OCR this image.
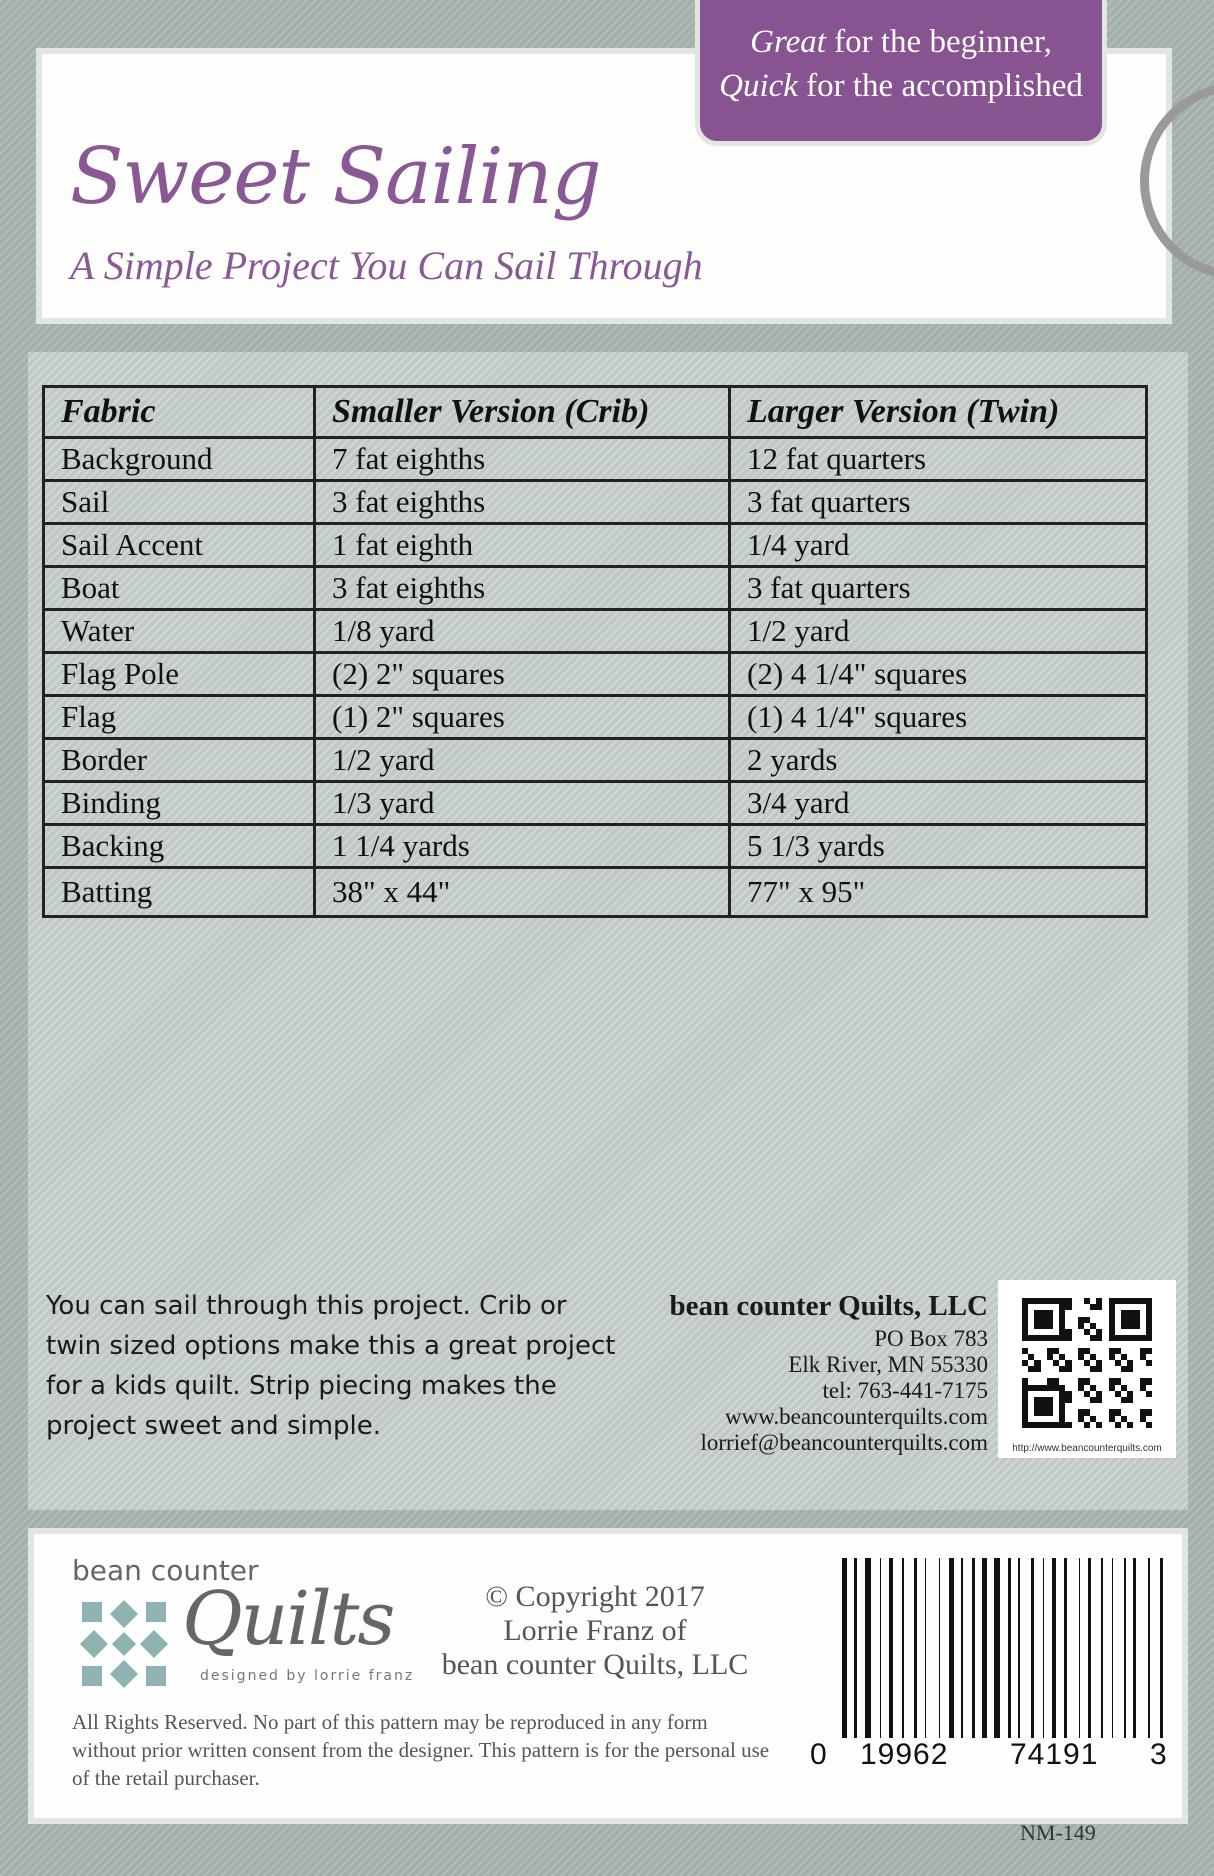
Great for the beginner,
Quick for the accomplished
Sweet Sailing

A Simple Project You Can Sail Through

Fabric	Smaller Version (Crib)	Larger Version (Twin)
Background	7 fat eighths	12 fat quarters
Sail	3 fat eighths	3 fat quarters
Sail Accent	1 fat eighth	1/4 yard
Boat	3 fat eighths	3 fat quarters
Water	1/8 yard	1/2 yard
Flag Pole	(2) 2" squares	(2) 4 1/4" squares
Flag	(1) 2" squares	(1) 4 1/4" squares
Border	1/2 yard	2 yards
Binding	1/3 yard	3/4 yard
Backing	1 1/4 yards	5 1/3 yards
Batting	38" x 44"	77" x 95"
You can sail through this project. Crib or twin sized options make this a great project for a kids quilt. Strip piecing makes the project sweet and simple.
bean counter Quilts, LLC
PO Box 783
Elk River, MN 55330
tel: 763-441-7175
www.beancounterquilts.com
lorrief@beancounterquilts.com	http://www.beancounterquilts.com
bean counter
Quilts
designed by lorrie franz
© Copyright 2017
Lorrie Franz of
bean counter Quilts, LLC
All Rights Reserved. No part of this pattern may be reproduced in any form without prior written consent from the designer. This pattern is for the personal use of the retail purchaser.
0 19962 74191 3
NM-149
